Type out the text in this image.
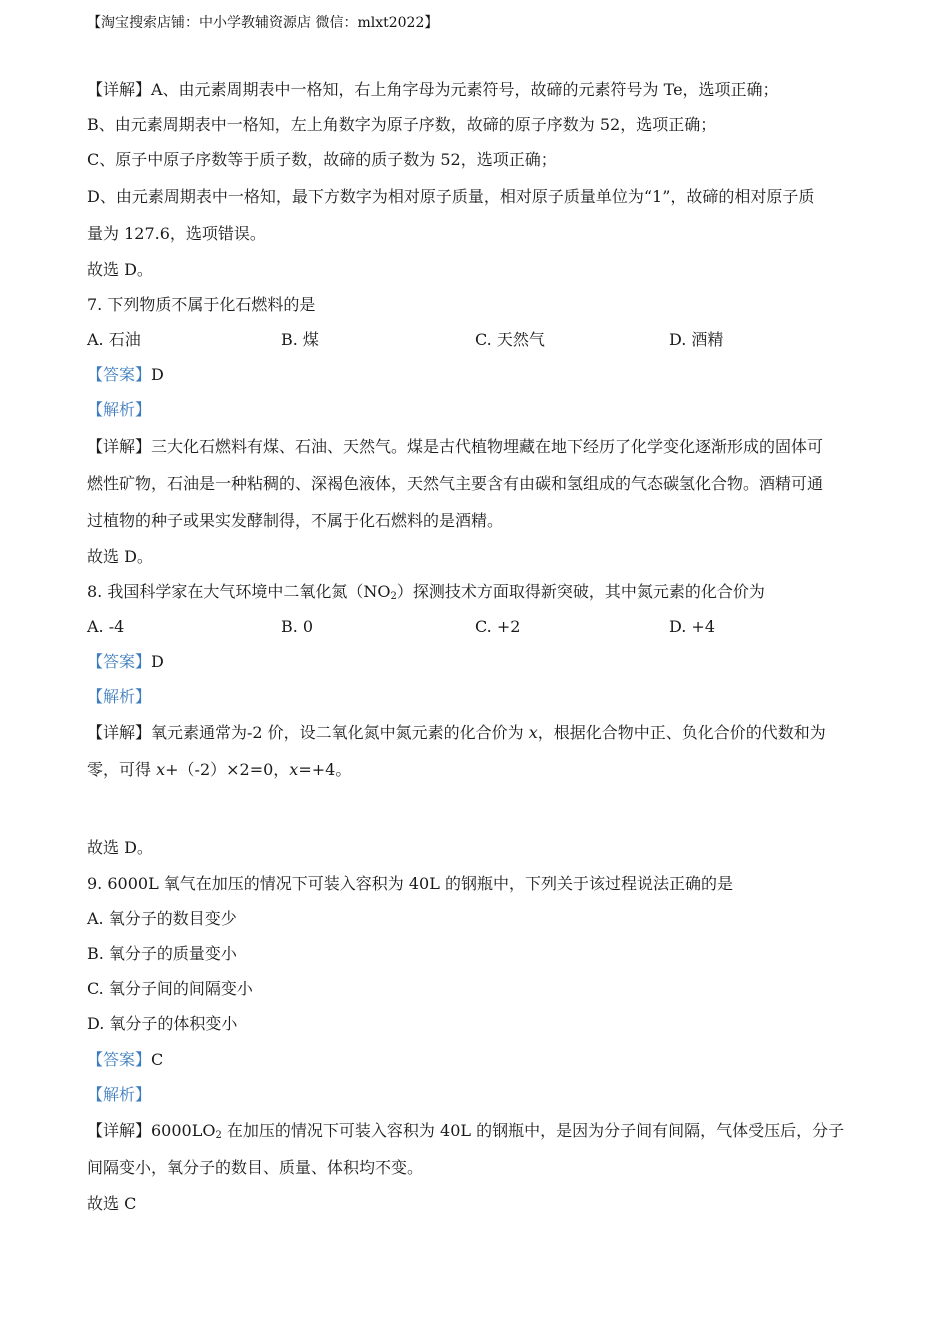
【淘宝搜索店铺：中小学教辅资源店 微信：mlxt2022】
【详解】A、由元素周期表中一格知，右上角字母为元素符号，故碲的元素符号为 Te，选项正确；
B、由元素周期表中一格知，左上角数字为原子序数，故碲的原子序数为 52，选项正确；
C、原子中原子序数等于质子数，故碲的质子数为 52，选项正确；
D、由元素周期表中一格知，最下方数字为相对原子质量，相对原子质量单位为“1”，故碲的相对原子质
量为 127.6，选项错误。
故选 D。
7. 下列物质不属于化石燃料的是
A. 石油	B. 煤	C. 天然气	D. 酒精
【答案】D
【解析】
【详解】三大化石燃料有煤、石油、天然气。煤是古代植物埋藏在地下经历了化学变化逐渐形成的固体可
燃性矿物，石油是一种粘稠的、深褐色液体，天然气主要含有由碳和氢组成的气态碳氢化合物。酒精可通
过植物的种子或果实发酵制得，不属于化石燃料的是酒精。
故选 D。
8. 我国科学家在大气环境中二氧化氮$(NO_2)$探测技术方面取得新突破，其中氮元素的化合价为
A. -4	B. 0	C. +2	D. +4
【答案】D
【解析】
【详解】氧元素通常为-2 价，设二氧化氮中氮元素的化合价为 x，根据化合物中正、负化合价的代数和为
零，可得 x+（-2）×2=0，x=+4。
故选 D。
9. 6000L 氧气在加压的情况下可装入容积为 40L 的钢瓶中，下列关于该过程说法正确的是
A. 氧分子的数目变少
B. 氧分子的质量变小
C. 氧分子间的间隔变小
D. 氧分子的体积变小
【答案】C
【解析】
【详解】$6000LO_2$ 在加压的情况下可装入容积为 40L 的钢瓶中，是因为分子间有间隔，气体受压后，分子
间隔变小，氧分子的数目、质量、体积均不变。
故选 C
